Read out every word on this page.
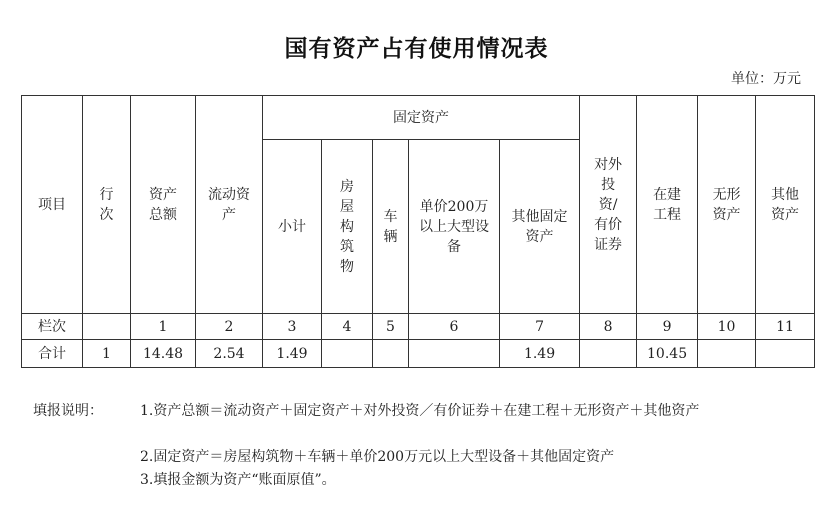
国有资产占有使用情况表
单位：万元
项目	行次	资产总额	流动资产	固定资产					对外投资/有价证券	在建工程	无形资产	其他资产
				小计	房屋构筑物	车辆	单价200万以上大型设备	其他固定资产				
栏次		1	2	3	4	5	6	7	8	9	10	11
合计	1	14.48	2.54	1.49				1.49		10.45		
填报说明：	1.资产总额＝流动资产＋固定资产＋对外投资／有价证券＋在建工程＋无形资产＋其他资产
2.固定资产＝房屋构筑物＋车辆＋单价200万元以上大型设备＋其他固定资产
3.填报金额为资产“账面原值”。
